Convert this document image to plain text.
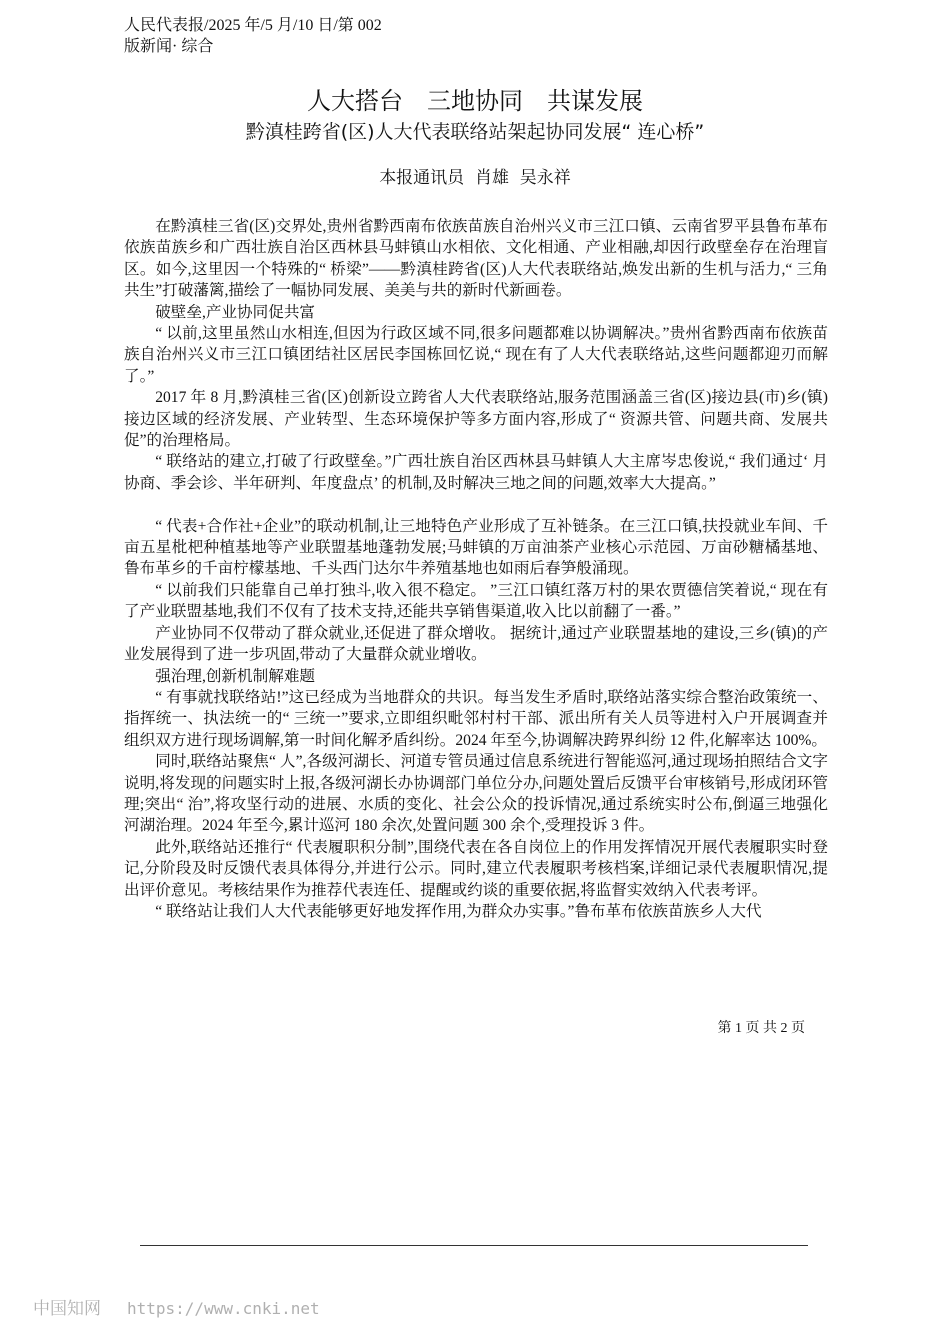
人民代表报/2025 年/5 月/10 日/第 002
版新闻· 综合
人大搭台　三地协同　共谋发展
黔滇桂跨省(区)人大代表联络站架起协同发展“ 连心桥”
本报通讯员  肖雄  吴永祥

在黔滇桂三省(区)交界处,贵州省黔西南布依族苗族自治州兴义市三江口镇、云南省罗平县鲁布革布依族苗族乡和广西壮族自治区西林县马蚌镇山水相依、文化相通、产业相融,却因行政壁垒存在治理盲区。如今,这里因一个特殊的“ 桥梁”——黔滇桂跨省(区)人大代表联络站,焕发出新的生机与活力,“ 三角共生”打破藩篱,描绘了一幅协同发展、美美与共的新时代新画卷。

破壁垒,产业协同促共富

“ 以前,这里虽然山水相连,但因为行政区域不同,很多问题都难以协调解决。”贵州省黔西南布依族苗族自治州兴义市三江口镇团结社区居民李国栋回忆说,“ 现在有了人大代表联络站,这些问题都迎刃而解了。”

2017 年 8 月,黔滇桂三省(区)创新设立跨省人大代表联络站,服务范围涵盖三省(区)接边县(市)乡(镇)接边区域的经济发展、产业转型、生态环境保护等多方面内容,形成了“ 资源共管、问题共商、发展共促”的治理格局。

“ 联络站的建立,打破了行政壁垒。”广西壮族自治区西林县马蚌镇人大主席岑忠俊说,“ 我们通过‘ 月协商、季会诊、半年研判、年度盘点’ 的机制,及时解决三地之间的问题,效率大大提高。”

“ 代表+合作社+企业”的联动机制,让三地特色产业形成了互补链条。在三江口镇,扶投就业车间、千亩五星枇杷种植基地等产业联盟基地蓬勃发展;马蚌镇的万亩油茶产业核心示范园、万亩砂糖橘基地、鲁布革乡的千亩柠檬基地、千头西门达尔牛养殖基地也如雨后春笋般涌现。

“ 以前我们只能靠自己单打独斗,收入很不稳定。 ”三江口镇红落万村的果农贾德信笑着说,“ 现在有了产业联盟基地,我们不仅有了技术支持,还能共享销售渠道,收入比以前翻了一番。”

产业协同不仅带动了群众就业,还促进了群众增收。 据统计,通过产业联盟基地的建设,三乡(镇)的产业发展得到了进一步巩固,带动了大量群众就业增收。

强治理,创新机制解难题

“ 有事就找联络站!”这已经成为当地群众的共识。每当发生矛盾时,联络站落实综合整治政策统一、指挥统一、执法统一的“ 三统一”要求,立即组织毗邻村村干部、派出所有关人员等进村入户开展调查并组织双方进行现场调解,第一时间化解矛盾纠纷。2024 年至今,协调解决跨界纠纷 12 件,化解率达 100%。

同时,联络站聚焦“ 人”,各级河湖长、河道专管员通过信息系统进行智能巡河,通过现场拍照结合文字说明,将发现的问题实时上报,各级河湖长办协调部门单位分办,问题处置后反馈平台审核销号,形成闭环管理;突出“ 治”,将攻坚行动的进展、水质的变化、社会公众的投诉情况,通过系统实时公布,倒逼三地强化河湖治理。2024 年至今,累计巡河 180 余次,处置问题 300 余个,受理投诉 3 件。

此外,联络站还推行“ 代表履职积分制”,围绕代表在各自岗位上的作用发挥情况开展代表履职实时登记,分阶段及时反馈代表具体得分,并进行公示。同时,建立代表履职考核档案,详细记录代表履职情况,提出评价意见。考核结果作为推荐代表连任、提醒或约谈的重要依据,将监督实效纳入代表考评。

“ 联络站让我们人大代表能够更好地发挥作用,为群众办实事。”鲁布革布依族苗族乡人大代

第 1 页 共 2 页
中国知网 https://www.cnki.net
